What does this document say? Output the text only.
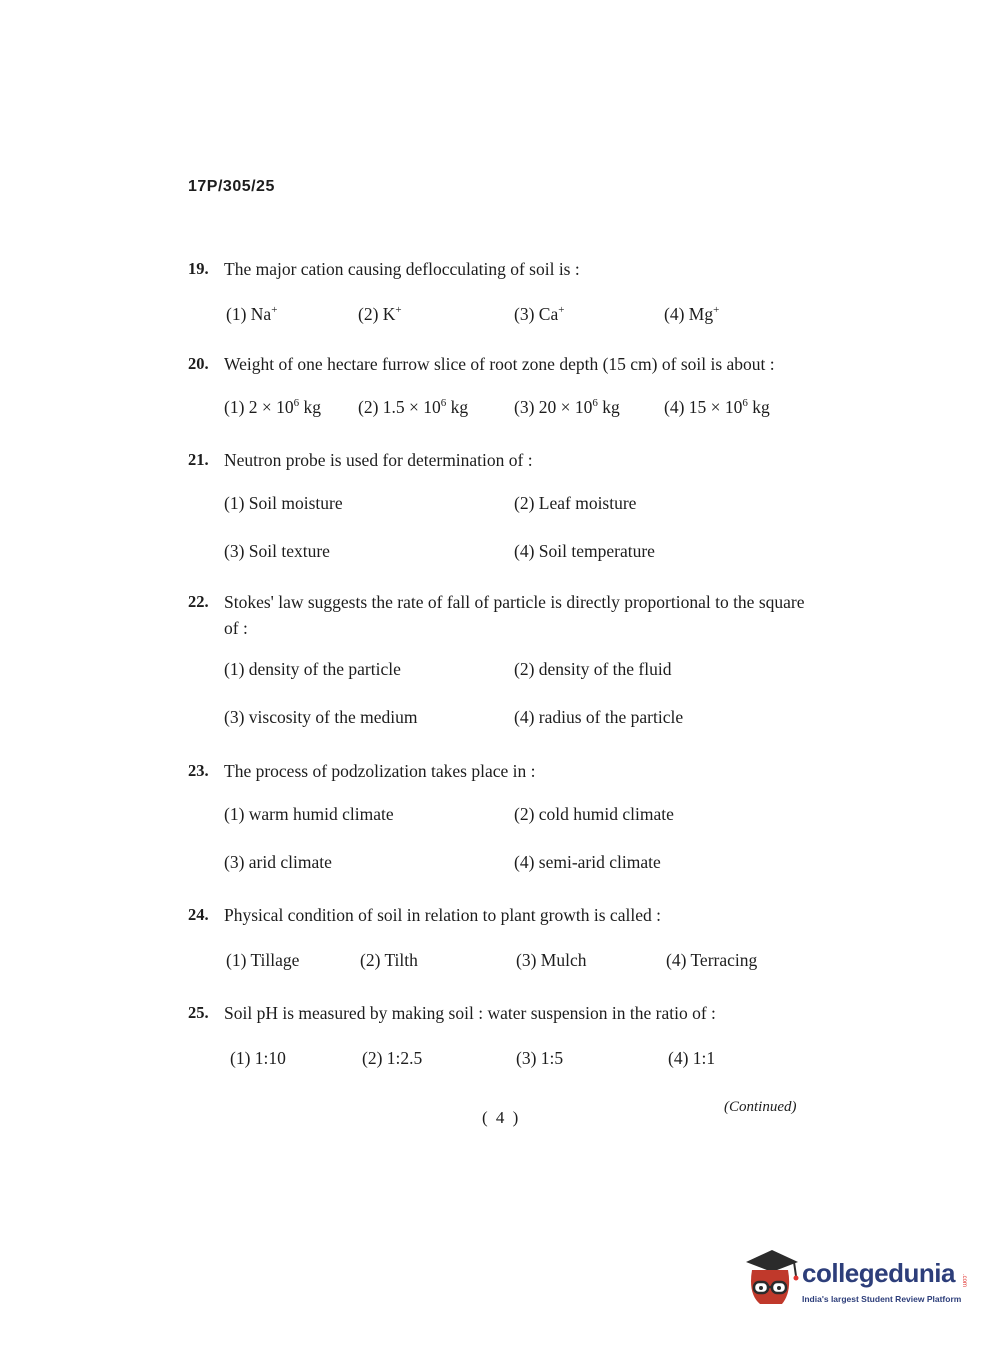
17P/305/25
19. The major cation causing deflocculating of soil is :
(1) Na+	(2) K+	(3) Ca+	(4) Mg+
20. Weight of one hectare furrow slice of root zone depth (15 cm) of soil is about :
(1) $2 \times 10^6$ kg (2) $1.5 \times 10^6$ kg	(3) $20 \times 10^6$ kg	(4) $15 \times 10^6$ kg
21. Neutron probe is used for determination of :
(1) Soil moisture	(2) Leaf moisture
(3) Soil texture	(4) Soil temperature
22. Stokes' law suggests the rate of fall of particle is directly proportional to the square of :
(1) density of the particle	(2) density of the fluid
(3) viscosity of the medium	(4) radius of the particle
23. The process of podzolization takes place in :
(1) warm humid climate	(2) cold humid climate
(3) arid climate	(4) semi-arid climate
24. Physical condition of soil in relation to plant growth is called :
(1) Tillage	(2) Tilth	(3) Mulch	(4) Terracing
25. Soil pH is measured by making soil : water suspension in the ratio of :
(1) 1:10	(2) 1:2.5	(3) 1:5	(4) 1:1
( 4 )
(Continued)
collegedunia .com
India's largest Student Review Platform
